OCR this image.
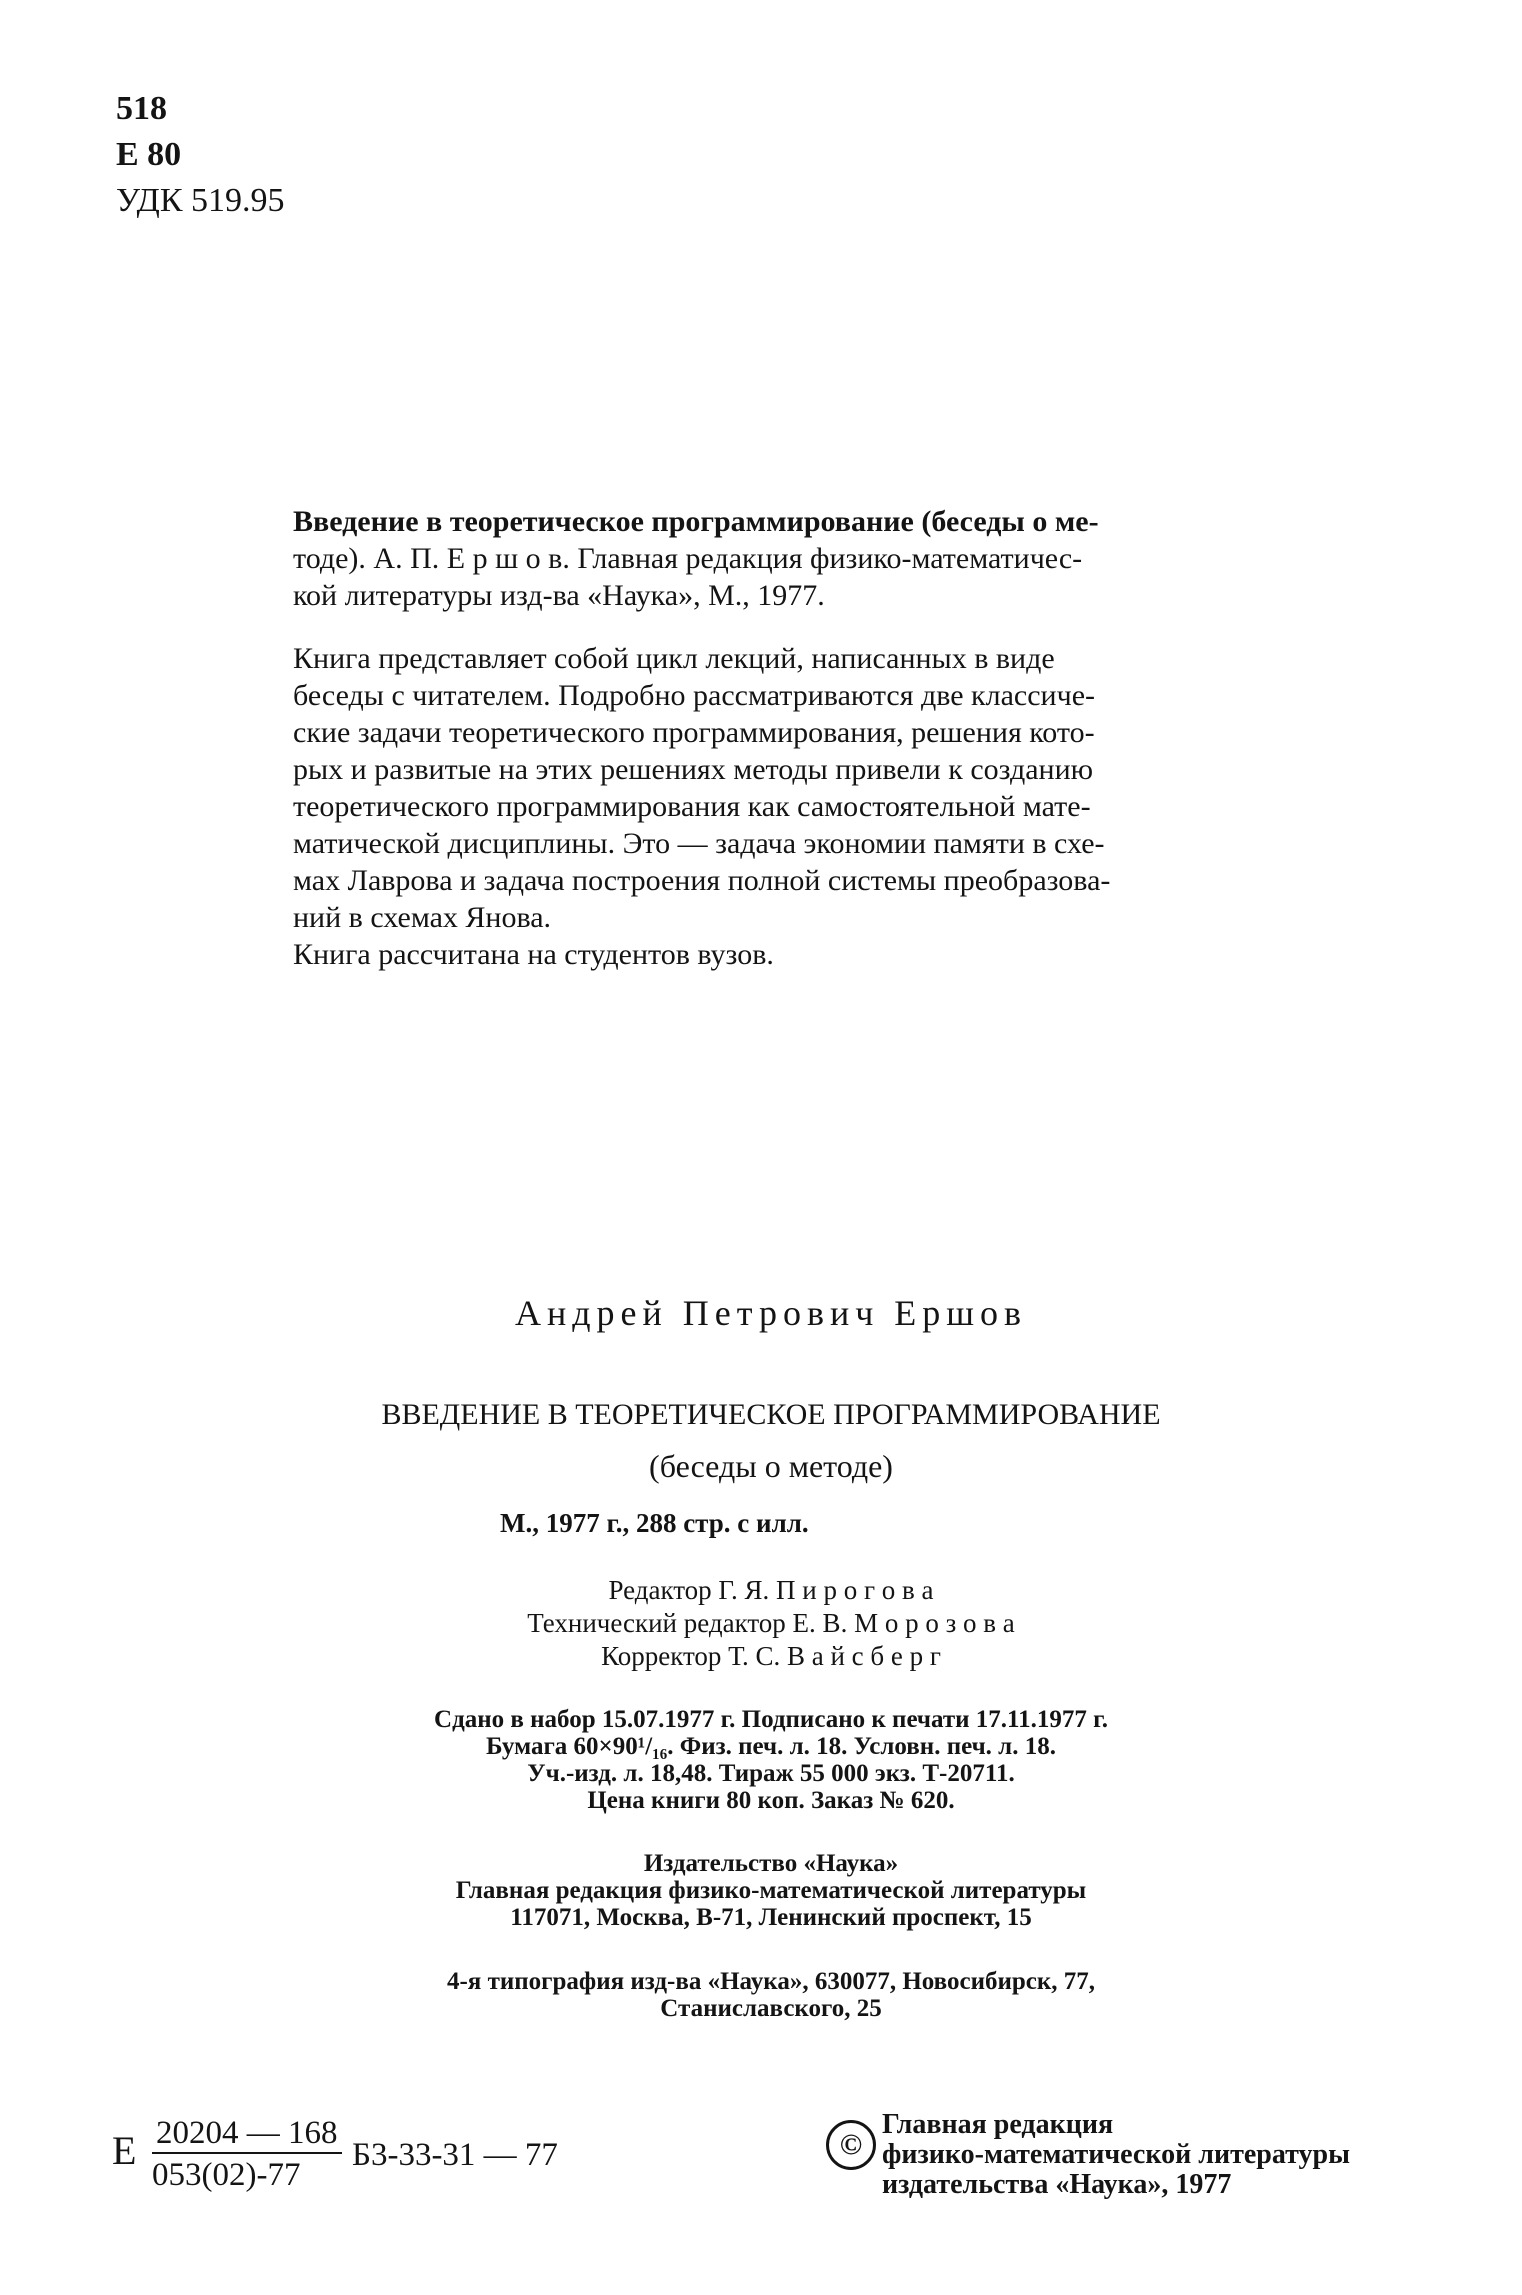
518
Е 80
УДК 519.95
Введение в теоретическое программирование (беседы о ме-
тоде). А. П. Е р ш о в. Главная редакция физико-математичес-
кой литературы изд-ва «Наука», М., 1977.
Книга представляет собой цикл лекций, написанных в виде
беседы с читателем. Подробно рассматриваются две классиче-
ские задачи теоретического программирования, решения кото-
рых и развитые на этих решениях методы привели к созданию
теоретического программирования как самостоятельной мате-
матической дисциплины. Это — задача экономии памяти в схе-
мах Лаврова и задача построения полной системы преобразова-
ний в схемах Янова.
Книга рассчитана на студентов вузов.
Андрей Петрович Ершов
ВВЕДЕНИЕ В ТЕОРЕТИЧЕСКОЕ ПРОГРАММИРОВАНИЕ
(беседы о методе)
М., 1977 г., 288 стр. с илл.
Редактор Г. Я. П и р о г о в а
Технический редактор Е. В. М о р о з о в а
Корректор Т. С. В а й с б е р г
Сдано в набор 15.07.1977 г. Подписано к печати 17.11.1977 г.
Бумага 60×90¹/₁₆. Физ. печ. л. 18. Условн. печ. л. 18.
Уч.-изд. л. 18,48. Тираж 55 000 экз. Т-20711.
Цена книги 80 коп. Заказ № 620.
Издательство «Наука»
Главная редакция физико-математической литературы
117071, Москва, В-71, Ленинский проспект, 15
4-я типография изд-ва «Наука», 630077, Новосибирск, 77,
Станиславского, 25
Е 20204 — 168
053(02)-77
Б3-33-31 — 77	©
Главная редакция
физико-математической литературы
издательства «Наука», 1977
